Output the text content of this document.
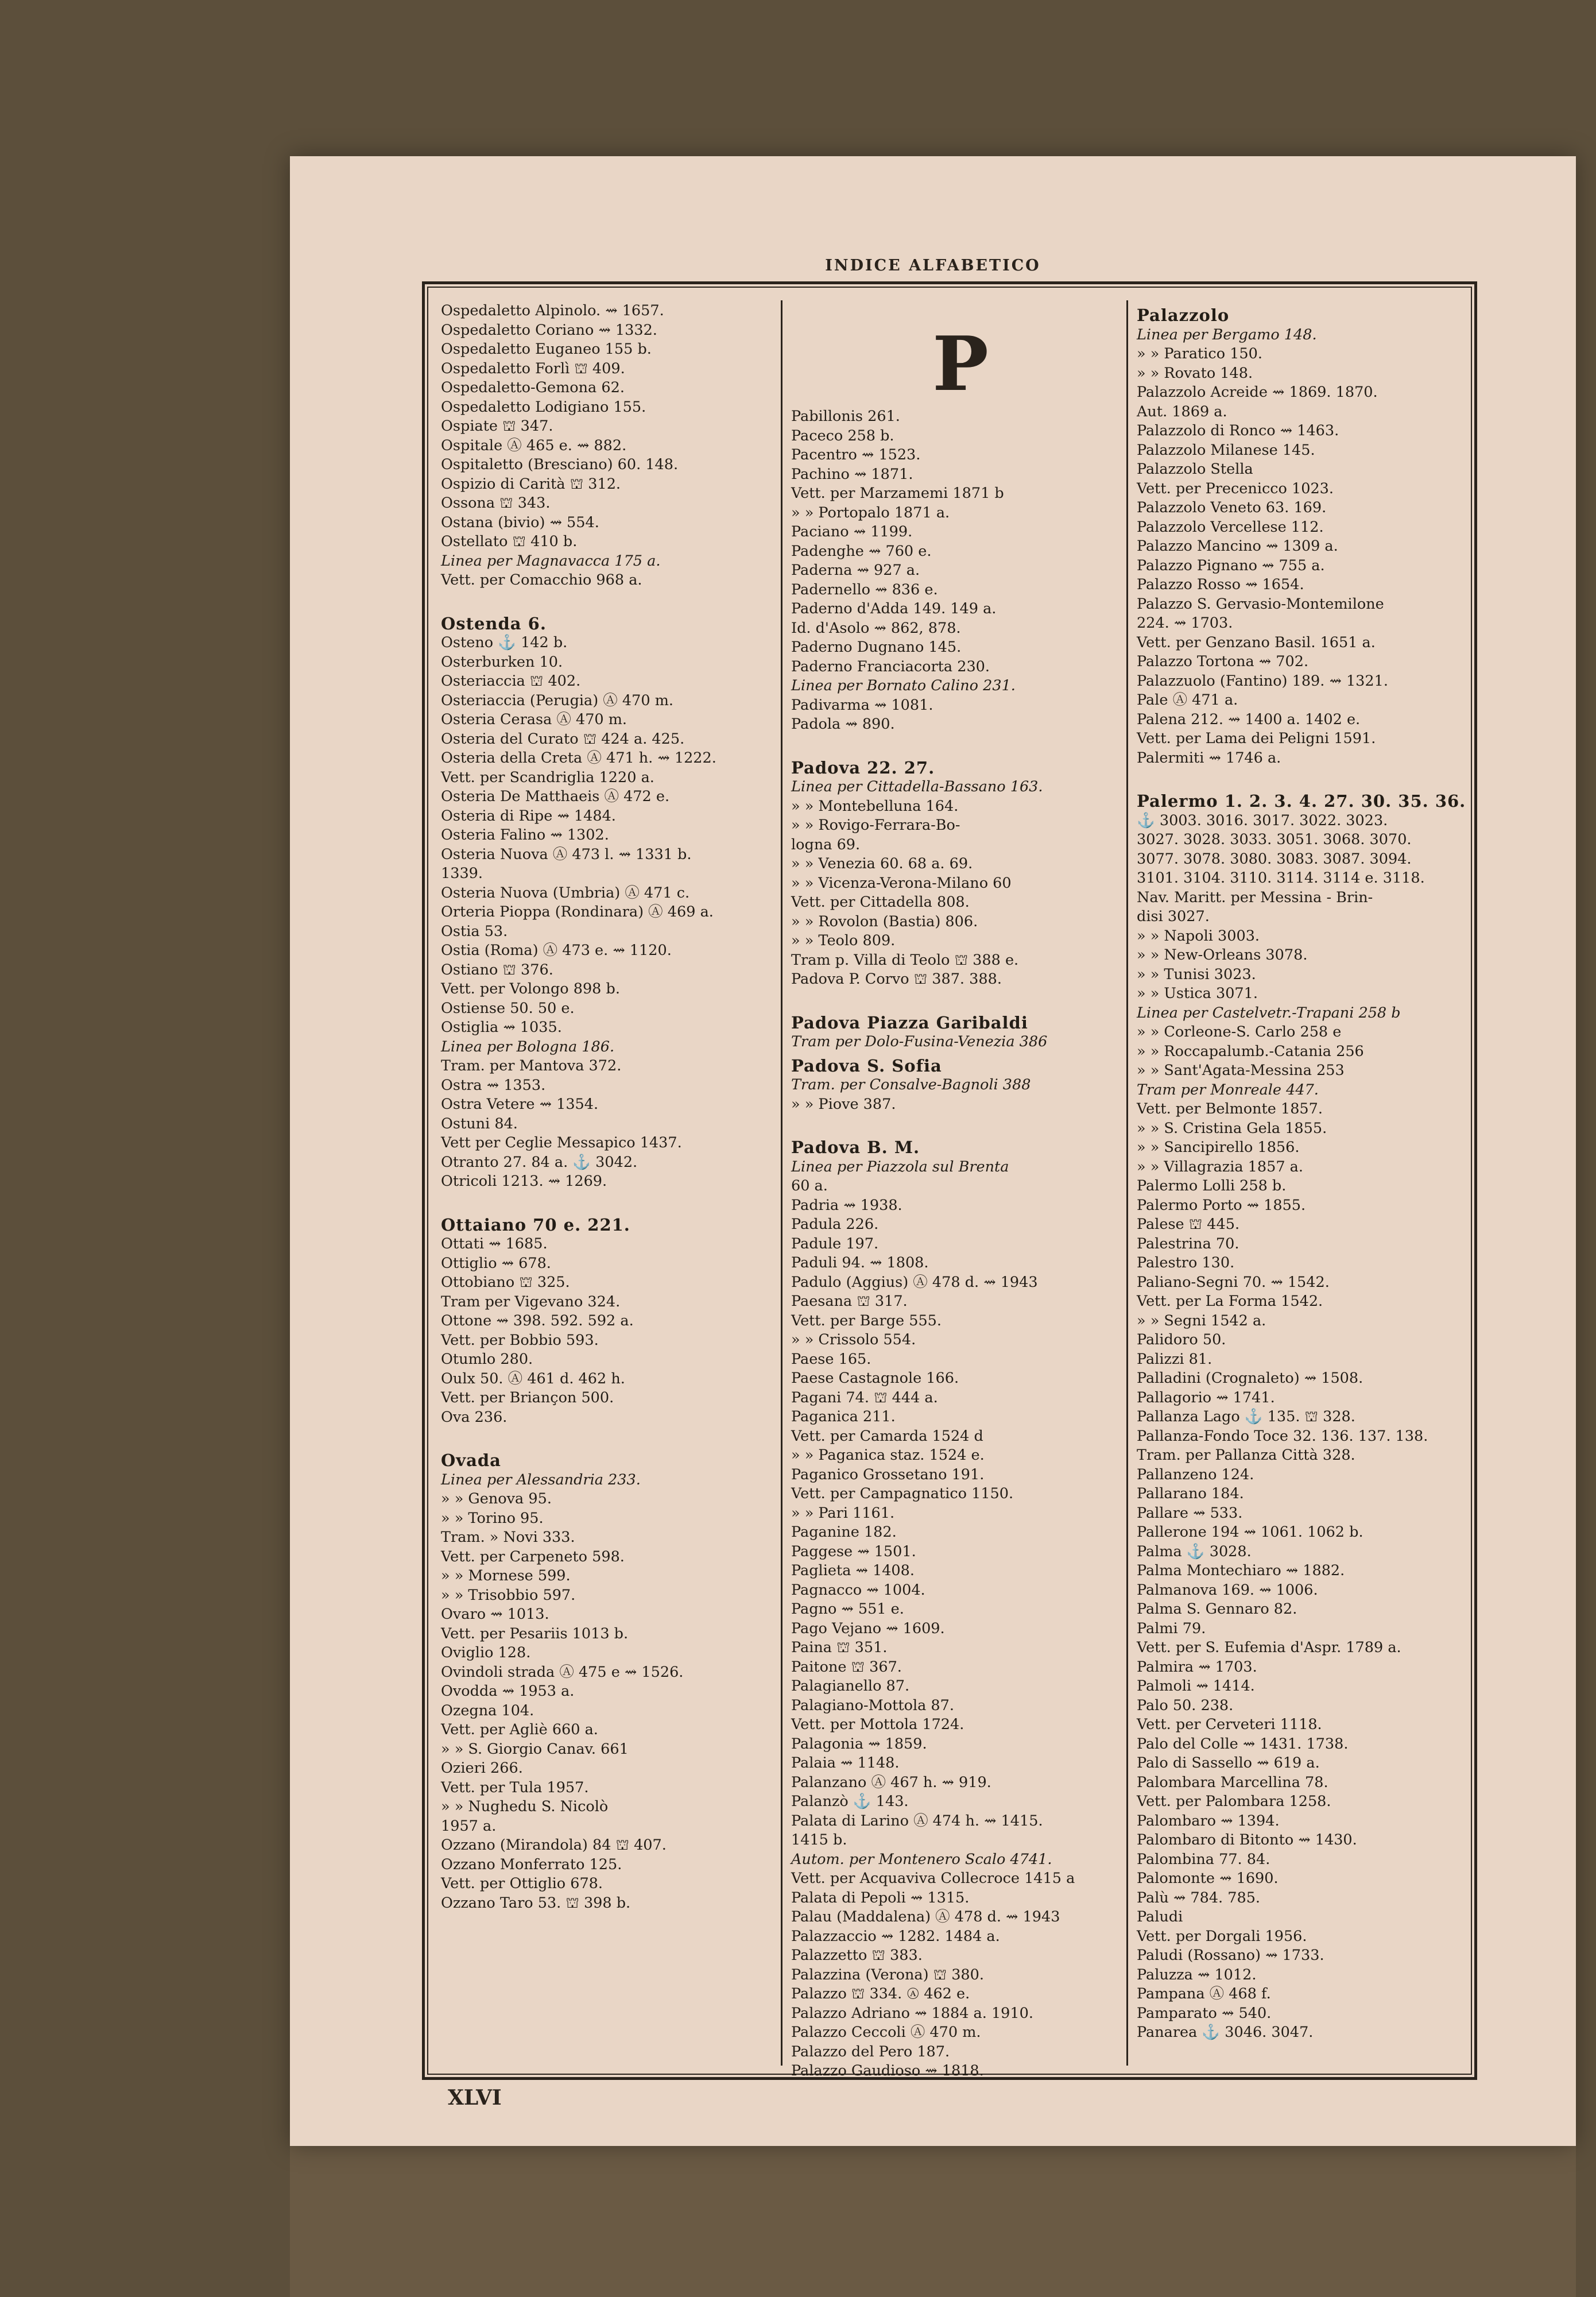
INDICE ALFABETICO
Ospedaletto Alpinolo. ⇝ 1657.
Ospedaletto Coriano ⇝ 1332.
Ospedaletto Euganeo 155 b.
Ospedaletto Forlì ⛫ 409.
Ospedaletto-Gemona 62.
Ospedaletto Lodigiano 155.
Ospiate ⛫ 347.
Ospitale Ⓐ 465 e. ⇝ 882.
Ospitaletto (Bresciano) 60. 148.
Ospizio di Carità ⛫ 312.
Ossona ⛫ 343.
Ostana (bivio) ⇝ 554.
Ostellato ⛫ 410 b.
Linea per Magnavacca 175 a.
Vett. per Comacchio 968 a.
Ostenda 6.
Osteno ⚓ 142 b.
Osterburken 10.
Osteriaccia ⛫ 402.
Osteriaccia (Perugia) Ⓐ 470 m.
Osteria Cerasa Ⓐ 470 m.
Osteria del Curato ⛫ 424 a. 425.
Osteria della Creta Ⓐ 471 h. ⇝ 1222.
Vett. per Scandriglia 1220 a.
Osteria De Matthaeis Ⓐ 472 e.
Osteria di Ripe ⇝ 1484.
Osteria Falino ⇝ 1302.
Osteria Nuova Ⓐ 473 l. ⇝ 1331 b.
1339.
Osteria Nuova (Umbria) Ⓐ 471 c.
Orteria Pioppa (Rondinara) Ⓐ 469 a.
Ostia 53.
Ostia (Roma) Ⓐ 473 e. ⇝ 1120.
Ostiano ⛫ 376.
Vett. per Volongo 898 b.
Ostiense 50. 50 e.
Ostiglia ⇝ 1035.
Linea per Bologna 186.
Tram. per Mantova 372.
Ostra ⇝ 1353.
Ostra Vetere ⇝ 1354.
Ostuni 84.
Vett per Ceglie Messapico 1437.
Otranto 27. 84 a. ⚓ 3042.
Otricoli 1213. ⇝ 1269.
Ottaiano 70 e. 221.
Ottati ⇝ 1685.
Ottiglio ⇝ 678.
Ottobiano ⛫ 325.
Tram per Vigevano 324.
Ottone ⇝ 398. 592. 592 a.
Vett. per Bobbio 593.
Otumlo 280.
Oulx 50. Ⓐ 461 d. 462 h.
Vett. per Briançon 500.
Ova 236.
Ovada
Linea per Alessandria 233.
» » Genova 95.
» » Torino 95.
Tram. » Novi 333.
Vett. per Carpeneto 598.
» » Mornese 599.
» » Trisobbio 597.
Ovaro ⇝ 1013.
Vett. per Pesariis 1013 b.
Oviglio 128.
Ovindoli strada Ⓐ 475 e ⇝ 1526.
Ovodda ⇝ 1953 a.
Ozegna 104.
Vett. per Agliè 660 a.
» » S. Giorgio Canav. 661
Ozieri 266.
Vett. per Tula 1957.
» » Nughedu S. Nicolò
1957 a.
Ozzano (Mirandola) 84 ⛫ 407.
Ozzano Monferrato 125.
Vett. per Ottiglio 678.
Ozzano Taro 53. ⛫ 398 b.
P
Pabillonis 261.
Paceco 258 b.
Pacentro ⇝ 1523.
Pachino ⇝ 1871.
Vett. per Marzamemi 1871 b
» » Portopalo 1871 a.
Paciano ⇝ 1199.
Padenghe ⇝ 760 e.
Paderna ⇝ 927 a.
Padernello ⇝ 836 e.
Paderno d'Adda 149. 149 a.
Id. d'Asolo ⇝ 862, 878.
Paderno Dugnano 145.
Paderno Franciacorta 230.
Linea per Bornato Calino 231.
Padivarma ⇝ 1081.
Padola ⇝ 890.
Padova 22. 27.
Linea per Cittadella-Bassano 163.
» » Montebelluna 164.
» » Rovigo-Ferrara-Bo-
logna 69.
» » Venezia 60. 68 a. 69.
» » Vicenza-Verona-Milano 60
Vett. per Cittadella 808.
» » Rovolon (Bastia) 806.
» » Teolo 809.
Tram p. Villa di Teolo ⛫ 388 e.
Padova P. Corvo ⛫ 387. 388.
Padova Piazza Garibaldi
Tram per Dolo-Fusina-Venezia 386
Padova S. Sofia
Tram. per Consalve-Bagnoli 388
» » Piove 387.
Padova B. M.
Linea per Piazzola sul Brenta
60 a.
Padria ⇝ 1938.
Padula 226.
Padule 197.
Paduli 94. ⇝ 1808.
Padulo (Aggius) Ⓐ 478 d. ⇝ 1943
Paesana ⛫ 317.
Vett. per Barge 555.
» » Crissolo 554.
Paese 165.
Paese Castagnole 166.
Pagani 74. ⛫ 444 a.
Paganica 211.
Vett. per Camarda 1524 d
» » Paganica staz. 1524 e.
Paganico Grossetano 191.
Vett. per Campagnatico 1150.
» » Pari 1161.
Paganine 182.
Paggese ⇝ 1501.
Paglieta ⇝ 1408.
Pagnacco ⇝ 1004.
Pagno ⇝ 551 e.
Pago Vejano ⇝ 1609.
Paina ⛫ 351.
Paitone ⛫ 367.
Palagianello 87.
Palagiano-Mottola 87.
Vett. per Mottola 1724.
Palagonia ⇝ 1859.
Palaia ⇝ 1148.
Palanzano Ⓐ 467 h. ⇝ 919.
Palanzò ⚓ 143.
Palata di Larino Ⓐ 474 h. ⇝ 1415.
1415 b.
Autom. per Montenero Scalo 4741.
Vett. per Acquaviva Collecroce 1415 a
Palata di Pepoli ⇝ 1315.
Palau (Maddalena) Ⓐ 478 d. ⇝ 1943
Palazzaccio ⇝ 1282. 1484 a.
Palazzetto ⛫ 383.
Palazzina (Verona) ⛫ 380.
Palazzo ⛫ 334. Ⓐ 462 e.
Palazzo Adriano ⇝ 1884 a. 1910.
Palazzo Ceccoli Ⓐ 470 m.
Palazzo del Pero 187.
Palazzo Gaudioso ⇝ 1818.
Palazzolo
Linea per Bergamo 148.
» » Paratico 150.
» » Rovato 148.
Palazzolo Acreide ⇝ 1869. 1870.
Aut. 1869 a.
Palazzolo di Ronco ⇝ 1463.
Palazzolo Milanese 145.
Palazzolo Stella
Vett. per Precenicco 1023.
Palazzolo Veneto 63. 169.
Palazzolo Vercellese 112.
Palazzo Mancino ⇝ 1309 a.
Palazzo Pignano ⇝ 755 a.
Palazzo Rosso ⇝ 1654.
Palazzo S. Gervasio-Montemilone
224. ⇝ 1703.
Vett. per Genzano Basil. 1651 a.
Palazzo Tortona ⇝ 702.
Palazzuolo (Fantino) 189. ⇝ 1321.
Pale Ⓐ 471 a.
Palena 212. ⇝ 1400 a. 1402 e.
Vett. per Lama dei Peligni 1591.
Palermiti ⇝ 1746 a.
Palermo 1. 2. 3. 4. 27. 30. 35. 36.
⚓ 3003. 3016. 3017. 3022. 3023.
3027. 3028. 3033. 3051. 3068. 3070.
3077. 3078. 3080. 3083. 3087. 3094.
3101. 3104. 3110. 3114. 3114 e. 3118.
Nav. Maritt. per Messina - Brin-
disi 3027.
» » Napoli 3003.
» » New-Orleans 3078.
» » Tunisi 3023.
» » Ustica 3071.
Linea per Castelvetr.-Trapani 258 b
» » Corleone-S. Carlo 258 e
» » Roccapalumb.-Catania 256
» » Sant'Agata-Messina 253
Tram per Monreale 447.
Vett. per Belmonte 1857.
» » S. Cristina Gela 1855.
» » Sancipirello 1856.
» » Villagrazia 1857 a.
Palermo Lolli 258 b.
Palermo Porto ⇝ 1855.
Palese ⛫ 445.
Palestrina 70.
Palestro 130.
Paliano-Segni 70. ⇝ 1542.
Vett. per La Forma 1542.
» » Segni 1542 a.
Palidoro 50.
Palizzi 81.
Palladini (Crognaleto) ⇝ 1508.
Pallagorio ⇝ 1741.
Pallanza Lago ⚓ 135. ⛫ 328.
Pallanza-Fondo Toce 32. 136. 137. 138.
Tram. per Pallanza Città 328.
Pallanzeno 124.
Pallarano 184.
Pallare ⇝ 533.
Pallerone 194 ⇝ 1061. 1062 b.
Palma ⚓ 3028.
Palma Montechiaro ⇝ 1882.
Palmanova 169. ⇝ 1006.
Palma S. Gennaro 82.
Palmi 79.
Vett. per S. Eufemia d'Aspr. 1789 a.
Palmira ⇝ 1703.
Palmoli ⇝ 1414.
Palo 50. 238.
Vett. per Cerveteri 1118.
Palo del Colle ⇝ 1431. 1738.
Palo di Sassello ⇝ 619 a.
Palombara Marcellina 78.
Vett. per Palombara 1258.
Palombaro ⇝ 1394.
Palombaro di Bitonto ⇝ 1430.
Palombina 77. 84.
Palomonte ⇝ 1690.
Palù ⇝ 784. 785.
Paludi
Vett. per Dorgali 1956.
Paludi (Rossano) ⇝ 1733.
Paluzza ⇝ 1012.
Pampana Ⓐ 468 f.
Pamparato ⇝ 540.
Panarea ⚓ 3046. 3047.
XLVI
